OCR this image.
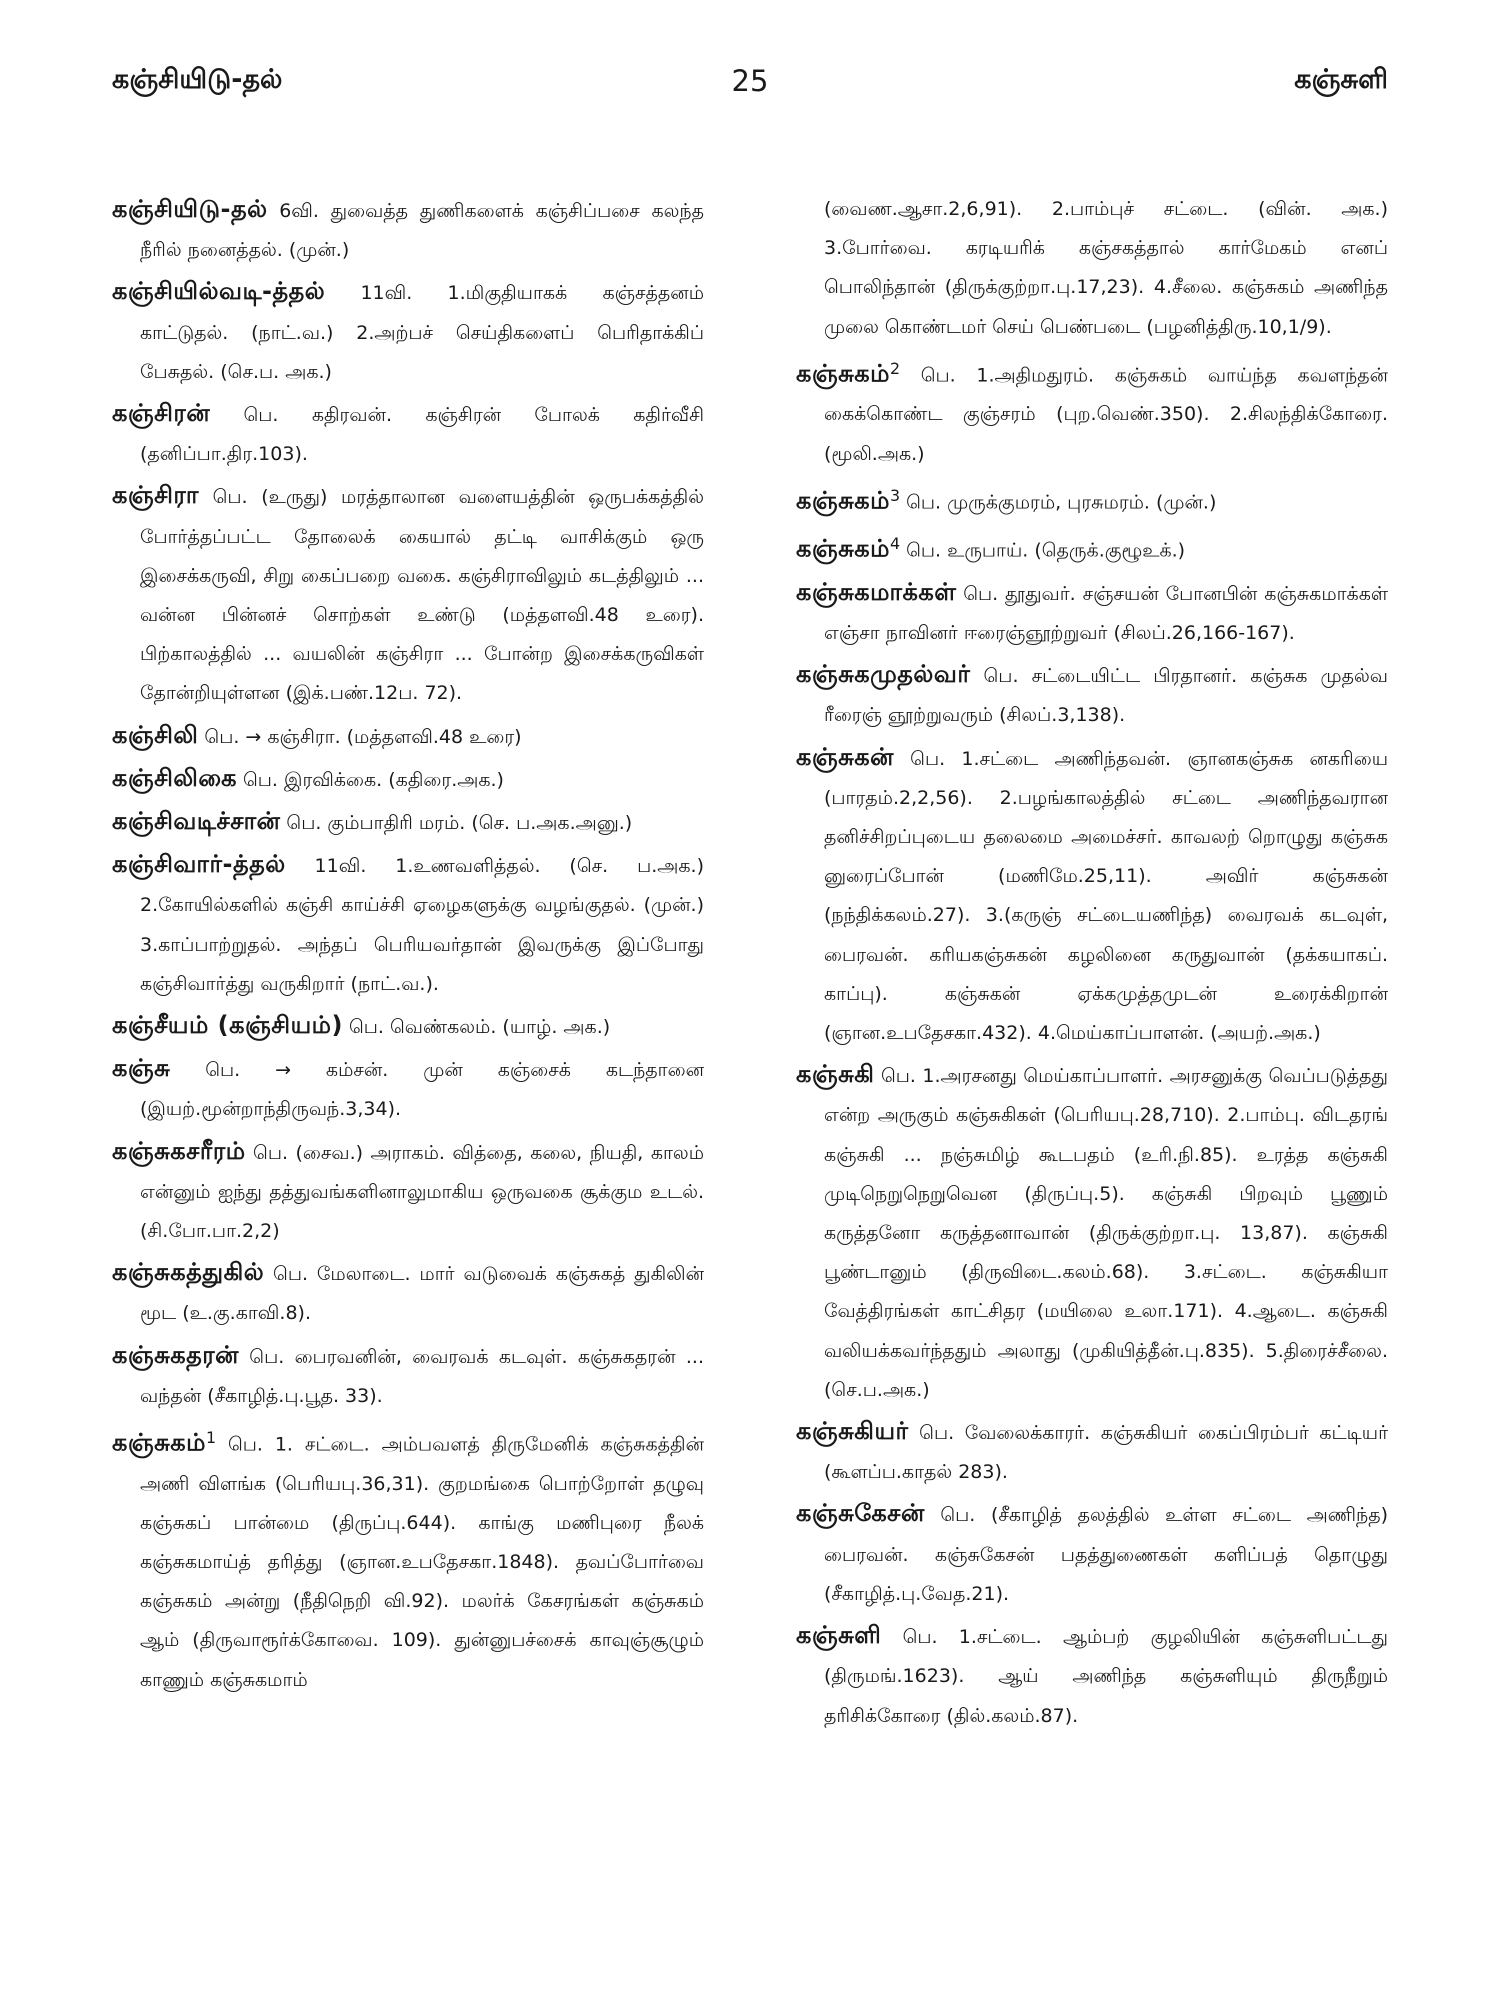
கஞ்சியிடு-தல்	25	கஞ்சுளி

கஞ்சியிடு-தல் 6வி. துவைத்த துணிகளைக் கஞ்சிப்பசை கலந்த நீரில் நனைத்தல். (முன்.)

கஞ்சியில்வடி-த்தல் 11வி. 1.மிகுதியாகக் கஞ்சத்தனம் காட்டுதல். (நாட்.வ.) 2.அற்பச் செய்திகளைப் பெரிதாக்கிப் பேசுதல். (செ.ப. அக.)

கஞ்சிரன் பெ. கதிரவன். கஞ்சிரன் போலக் கதிர்வீசி (தனிப்பா.திர.103).

கஞ்சிரா பெ. (உருது) மரத்தாலான வளையத்தின் ஒருபக்கத்தில் போர்த்தப்பட்ட தோலைக் கையால் தட்டி வாசிக்கும் ஒரு இசைக்கருவி, சிறு கைப்பறை வகை. கஞ்சிராவிலும் கடத்திலும் ... வன்ன பின்னச் சொற்கள் உண்டு (மத்தளவி.48 உரை). பிற்காலத்தில் ... வயலின் கஞ்சிரா ... போன்ற இசைக்கருவிகள் தோன்றியுள்ளன (இக்.பண்.12ப. 72).

கஞ்சிலி பெ. → கஞ்சிரா. (மத்தளவி.48 உரை)

கஞ்சிலிகை பெ. இரவிக்கை. (கதிரை.அக.)

கஞ்சிவடிச்சான் பெ. கும்பாதிரி மரம். (செ. ப.அக.அனு.)

கஞ்சிவார்-த்தல் 11வி. 1.உணவளித்தல். (செ. ப.அக.) 2.கோயில்களில் கஞ்சி காய்ச்சி ஏழைகளுக்கு வழங்குதல். (முன்.) 3.காப்பாற்றுதல். அந்தப் பெரியவர்தான் இவருக்கு இப்போது கஞ்சிவார்த்து வருகிறார் (நாட்.வ.).

கஞ்சீயம் (கஞ்சியம்) பெ. வெண்கலம். (யாழ். அக.)

கஞ்சு பெ. → கம்சன். முன் கஞ்சைக் கடந்தானை (இயற்.மூன்றாந்திருவந்.3,34).

கஞ்சுகசரீரம் பெ. (சைவ.) அராகம். வித்தை, கலை, நியதி, காலம் என்னும் ஐந்து தத்துவங்களினாலுமாகிய ஒருவகை சூக்கும உடல். (சி.போ.பா.2,2)

கஞ்சுகத்துகில் பெ. மேலாடை. மார் வடுவைக் கஞ்சுகத் துகிலின் மூட (உ.கு.காவி.8).

கஞ்சுகதரன் பெ. பைரவனின், வைரவக் கடவுள். கஞ்சுகதரன் ... வந்தன் (சீகாழித்.பு.பூத. 33).

கஞ்சுகம்$^1$ பெ. 1. சட்டை. அம்பவளத் திருமேனிக் கஞ்சுகத்தின் அணி விளங்க (பெரியபு.36,31). குறமங்கை பொற்றோள் தழுவு கஞ்சுகப் பான்மை (திருப்பு.644). காங்கு மணிபுரை நீலக் கஞ்சுகமாய்த் தரித்து (ஞான.உபதேசகா.1848). தவப்போர்வை கஞ்சுகம் அன்று (நீதிநெறி வி.92). மலர்க் கேசரங்கள் கஞ்சுகம் ஆம் (திருவாரூர்க்கோவை. 109). துன்னுபச்சைக் காவுஞ்சூழும் காணும் கஞ்சுகமாம்

(வைண.ஆசா.2,6,91). 2.பாம்புச் சட்டை. (வின். அக.) 3.போர்வை. கரடியரிக் கஞ்சகத்தால் கார்மேகம் எனப் பொலிந்தான் (திருக்குற்றா.பு.17,23). 4.சீலை. கஞ்சுகம் அணிந்த முலை கொண்டமர் செய் பெண்படை (பழனித்திரு.10,1/9).

கஞ்சுகம்$^2$ பெ. 1.அதிமதுரம். கஞ்சுகம் வாய்ந்த கவளந்தன் கைக்கொண்ட குஞ்சரம் (புற.வெண்.350). 2.சிலந்திக்கோரை. (மூலி.அக.)

கஞ்சுகம்$^3$ பெ. முருக்குமரம், புரசுமரம். (முன்.)

கஞ்சுகம்$^4$ பெ. உருபாய். (தெருக்.குழூஉக்.)

கஞ்சுகமாக்கள் பெ. தூதுவர். சஞ்சயன் போனபின் கஞ்சுகமாக்கள் எஞ்சா நாவினர் ஈரைஞ்ஞூற்றுவர் (சிலப்.26,166-167).

கஞ்சுகமுதல்வர் பெ. சட்டையிட்ட பிரதானர். கஞ்சுக முதல்வ ரீரைஞ் ஞூற்றுவரும் (சிலப்.3,138).

கஞ்சுகன் பெ. 1.சட்டை அணிந்தவன். ஞானகஞ்சுக னகரியை (பாரதம்.2,2,56). 2.பழங்காலத்தில் சட்டை அணிந்தவரான தனிச்சிறப்புடைய தலைமை அமைச்சர். காவலற் றொழுது கஞ்சுக னுரைப்போன் (மணிமே.25,11). அவிர் கஞ்சுகன் (நந்திக்கலம்.27). 3.(கருஞ் சட்டையணிந்த) வைரவக் கடவுள், பைரவன். கரியகஞ்சுகன் கழலினை கருதுவான் (தக்கயாகப். காப்பு). கஞ்சுகன் ஏக்கமுத்தமுடன் உரைக்கிறான் (ஞான.உபதேசகா.432). 4.மெய்காப்பாளன். (அயற்.அக.)

கஞ்சுகி பெ. 1.அரசனது மெய்காப்பாளர். அரசனுக்கு வெப்படுத்தது என்ற அருகும் கஞ்சுகிகள் (பெரியபு.28,710). 2.பாம்பு. விடதரங் கஞ்சுகி ... நஞ்சுமிழ் கூடபதம் (உரி.நி.85). உரத்த கஞ்சுகி முடிநெறுநெறுவென (திருப்பு.5). கஞ்சுகி பிறவும் பூணும் கருத்தனோ கருத்தனாவான் (திருக்குற்றா.பு. 13,87). கஞ்சுகி பூண்டானும் (திருவிடை.கலம்.68). 3.சட்டை. கஞ்சுகியா வேத்திரங்கள் காட்சிதர (மயிலை உலா.171). 4.ஆடை. கஞ்சுகி வலியக்கவர்ந்ததும் அலாது (முகியித்தீன்.பு.835). 5.திரைச்சீலை. (செ.ப.அக.)

கஞ்சுகியர் பெ. வேலைக்காரர். கஞ்சுகியர் கைப்பிரம்பர் கட்டியர் (கூளப்ப.காதல் 283).

கஞ்சுகேசன் பெ. (சீகாழித் தலத்தில் உள்ள சட்டை அணிந்த) பைரவன். கஞ்சுகேசன் பதத்துணைகள் களிப்பத் தொழுது (சீகாழித்.பு.வேத.21).

கஞ்சுளி பெ. 1.சட்டை. ஆம்பற் குழலியின் கஞ்சுளிபட்டது (திருமங்.1623). ஆய் அணிந்த கஞ்சுளியும் திருநீறும் தரிசிக்கோரை (தில்.கலம்.87).
